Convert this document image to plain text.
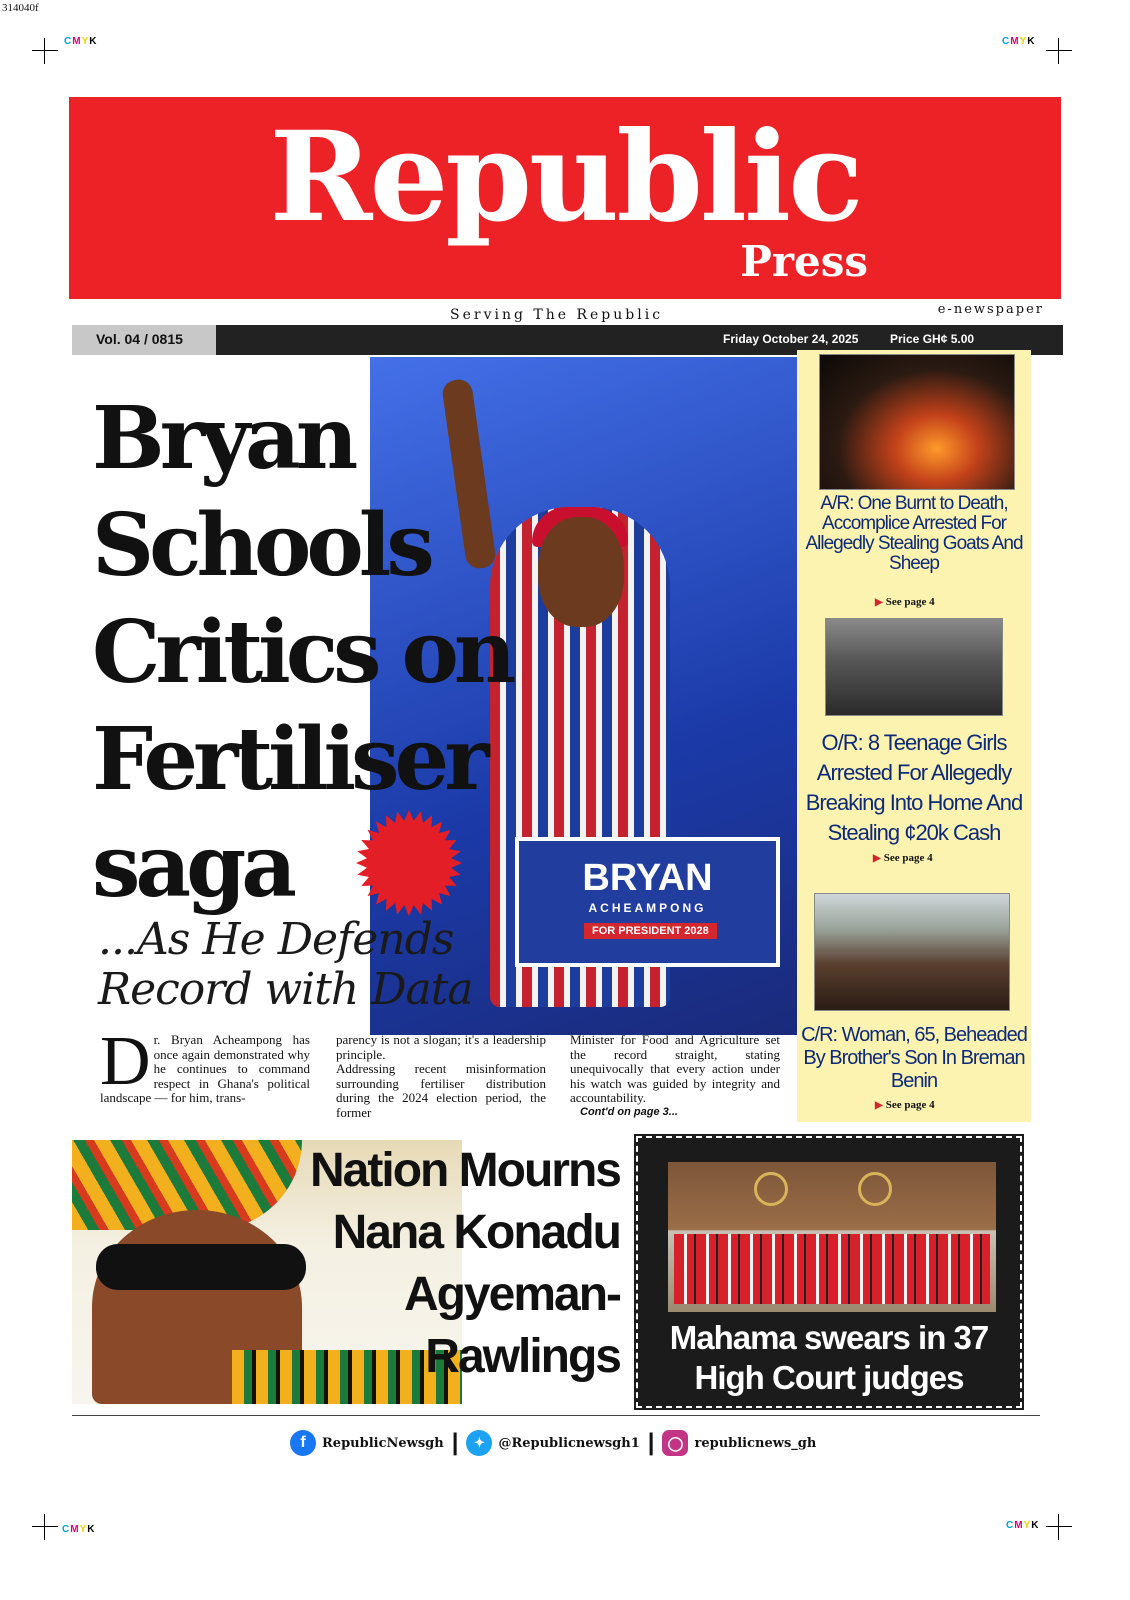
314040f
CMYK	CMYK
CMYK	CMYK
Republic
Press
Serving The Republic	e-newspaper
Vol. 04 / 0815	Friday October 24, 2025	Price GH¢ 5.00
BRYAN
ACHEAMPONG
FOR PRESIDENT 2028
Bryan
Schools
Critics on
Fertiliser
saga
...As He Defends
Record with Data
Dr. Bryan Acheampong has once again demonstrated why he continues to command respect in Ghana's political landscape — for him, trans-
parency is not a slogan; it's a leadership principle.
Addressing recent misinformation surrounding fertiliser distribution during the 2024 election period, the former
Minister for Food and Agriculture set the record straight, stating unequivocally that every action under his watch was guided by integrity and accountability.
Cont'd on page 3...
A/R: One Burnt to Death, Accomplice Arrested For Allegedly Stealing Goats And Sheep
▶ See page 4
O/R: 8 Teenage Girls Arrested For Allegedly Breaking Into Home And Stealing ¢20k Cash
▶ See page 4
C/R: Woman, 65, Beheaded By Brother's Son In Breman Benin
▶ See page 4
Nation Mourns
Nana Konadu
Agyeman-
Rawlings	Mahama swears in 37
High Court judges
f	RepublicNewsgh |	✦	@Republicnewsgh1 | ◯ republicnews_gh
